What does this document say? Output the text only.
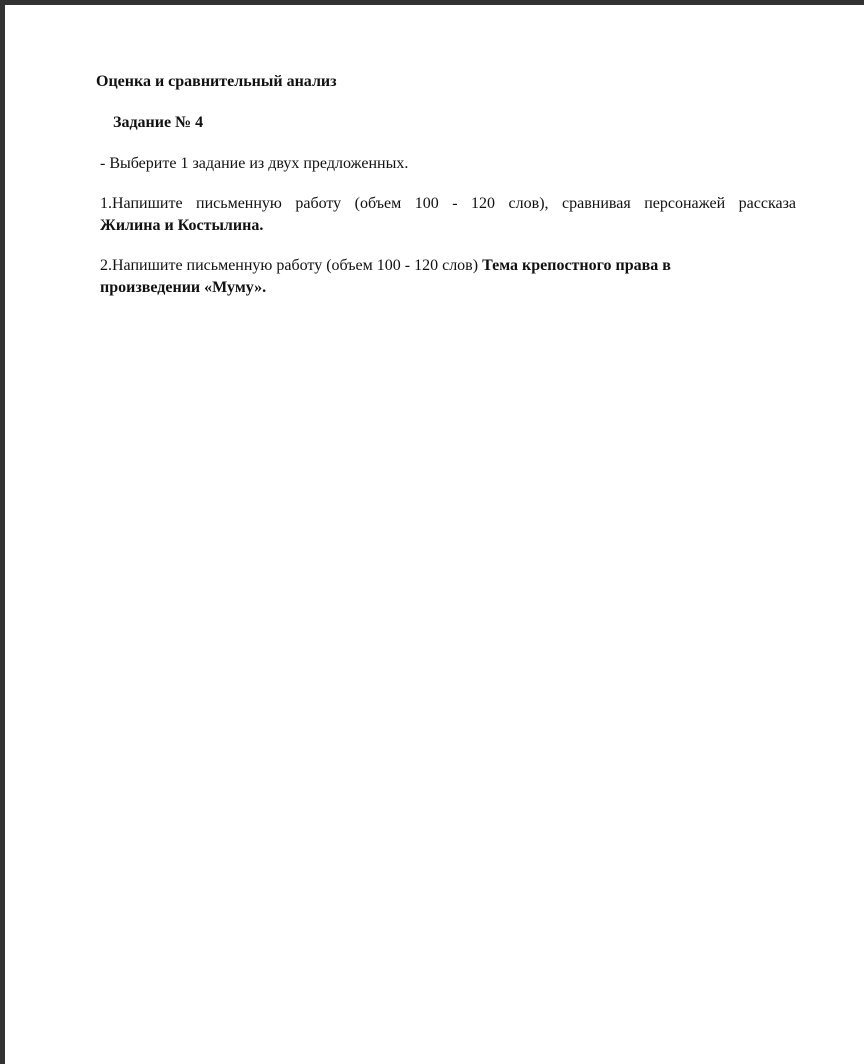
Оценка и сравнительный анализ

Задание № 4

- Выберите 1 задание из двух предложенных.

1.Напишите письменную работу (объем 100 - 120 слов), сравнивая персонажей рассказа
Жилина и Костылина.

2.Напишите письменную работу (объем 100 - 120 слов) Тема крепостного права в
произведении «Муму».
